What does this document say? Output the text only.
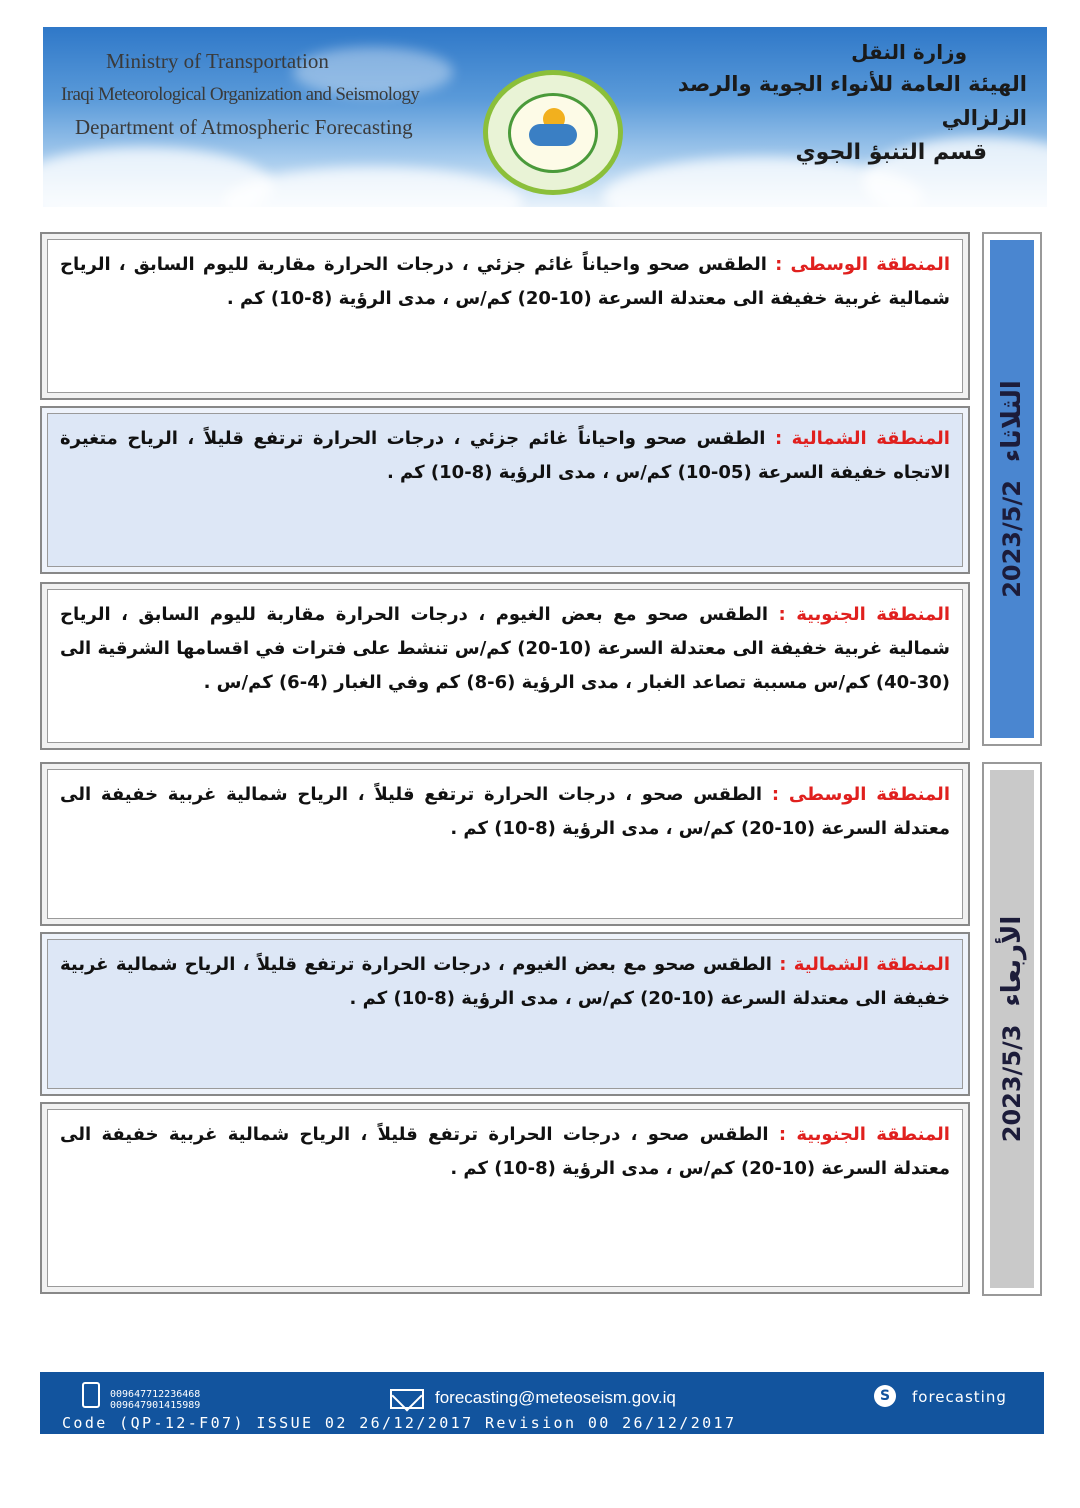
Ministry of Transportation
Iraqi Meteorological Organization and Seismology
Department of Atmospheric Forecasting
وزارة النقل
الهيئة العامة للأنواء الجوية والرصد الزلزالي
قسم التنبؤ الجوي
المنطقة الوسطى : الطقس صحو واحياناً غائم جزئي ، درجات الحرارة مقاربة لليوم السابق ، الرياح شمالية غربية خفيفة الى معتدلة السرعة (10-20) كم/س ، مدى الرؤية (8-10) كم .
المنطقة الشمالية : الطقس صحو واحياناً غائم جزئي ، درجات الحرارة ترتفع قليلاً ، الرياح متغيرة الاتجاه خفيفة السرعة (05-10) كم/س ، مدى الرؤية (8-10) كم .
المنطقة الجنوبية : الطقس صحو مع بعض الغيوم ، درجات الحرارة مقاربة لليوم السابق ، الرياح شمالية غربية خفيفة الى معتدلة السرعة (10-20) كم/س تنشط على فترات في اقسامها الشرقية الى (30-40) كم/س مسببة تصاعد الغبار ، مدى الرؤية (6-8) كم وفي الغبار (4-6) كم/س .
2023/5/2الثلاثاء
المنطقة الوسطى : الطقس صحو ، درجات الحرارة ترتفع قليلاً ، الرياح شمالية غربية خفيفة الى معتدلة السرعة (10-20) كم/س ، مدى الرؤية (8-10) كم .
المنطقة الشمالية : الطقس صحو مع بعض الغيوم ، درجات الحرارة ترتفع قليلاً ، الرياح شمالية غربية خفيفة الى معتدلة السرعة (10-20) كم/س ، مدى الرؤية (8-10) كم .
المنطقة الجنوبية : الطقس صحو ، درجات الحرارة ترتفع قليلاً ، الرياح شمالية غربية خفيفة الى معتدلة السرعة (10-20) كم/س ، مدى الرؤية (8-10) كم .
2023/5/3الأربعاء
009647712236468
009647901415989	forecasting@meteoseism.gov.iq	S	forecasting
Code (QP-12-F07) ISSUE 02 26/12/2017 Revision 00 26/12/2017
